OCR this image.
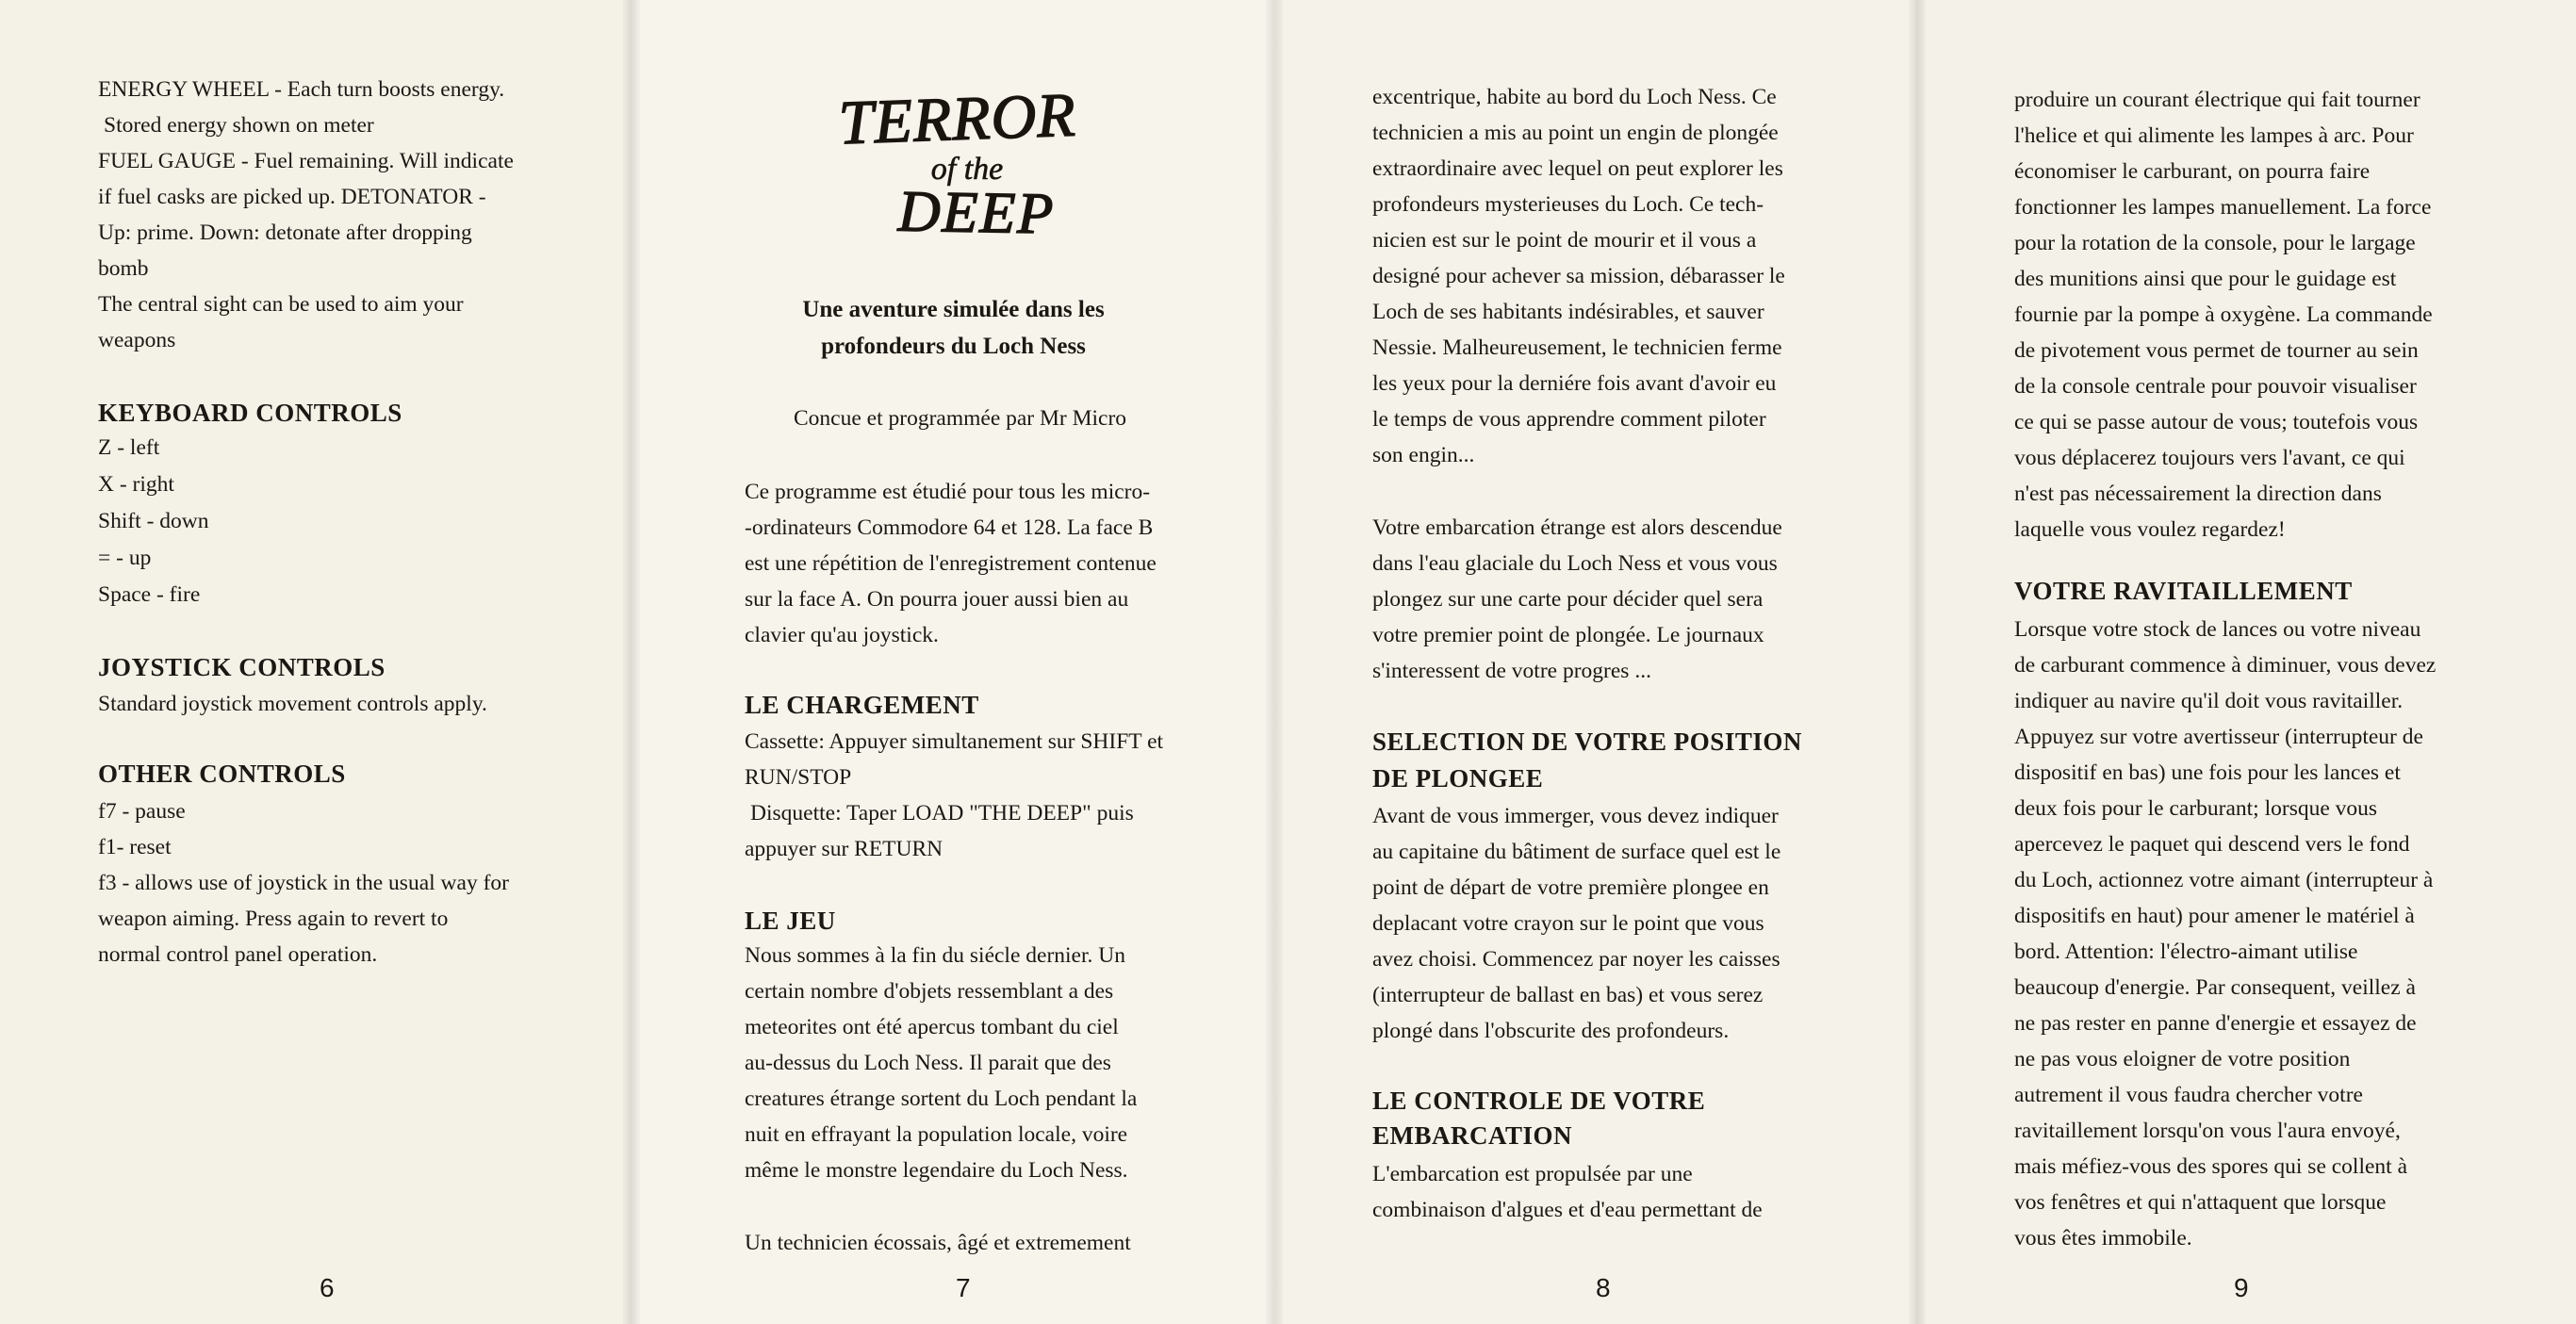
ENERGY WHEEL - Each turn boosts energy.
Stored energy shown on meter
FUEL GAUGE - Fuel remaining. Will indicate
if fuel casks are picked up. DETONATOR -
Up: prime. Down: detonate after dropping
bomb
The central sight can be used to aim your
weapons
KEYBOARD CONTROLS
Z - left
X - right
Shift - down
= - up
Space - fire
JOYSTICK CONTROLS
Standard joystick movement controls apply.
OTHER CONTROLS
f7 - pause
f1- reset
f3 - allows use of joystick in the usual way for
weapon aiming. Press again to revert to
normal control panel operation.
6
TERROR
of the
DEEP
Une aventure simulée dans les
profondeurs du Loch Ness
Concue et programmée par Mr Micro
Ce programme est étudié pour tous les micro-
-ordinateurs Commodore 64 et 128. La face B
est une répétition de l'enregistrement contenue
sur la face A. On pourra jouer aussi bien au
clavier qu'au joystick.
LE CHARGEMENT
Cassette: Appuyer simultanement sur SHIFT et
RUN/STOP
Disquette: Taper LOAD "THE DEEP" puis
appuyer sur RETURN
LE JEU
Nous sommes à la fin du siécle dernier. Un
certain nombre d'objets ressemblant a des
meteorites ont été apercus tombant du ciel
au-dessus du Loch Ness. Il parait que des
creatures étrange sortent du Loch pendant la
nuit en effrayant la population locale, voire
même le monstre legendaire du Loch Ness.
Un technicien écossais, âgé et extremement
7
excentrique, habite au bord du Loch Ness. Ce
technicien a mis au point un engin de plongée
extraordinaire avec lequel on peut explorer les
profondeurs mysterieuses du Loch. Ce tech-
nicien est sur le point de mourir et il vous a
designé pour achever sa mission, débarasser le
Loch de ses habitants indésirables, et sauver
Nessie. Malheureusement, le technicien ferme
les yeux pour la derniére fois avant d'avoir eu
le temps de vous apprendre comment piloter
son engin...
Votre embarcation étrange est alors descendue
dans l'eau glaciale du Loch Ness et vous vous
plongez sur une carte pour décider quel sera
votre premier point de plongée. Le journaux
s'interessent de votre progres ...
SELECTION DE VOTRE POSITION
DE PLONGEE
Avant de vous immerger, vous devez indiquer
au capitaine du bâtiment de surface quel est le
point de départ de votre première plongee en
deplacant votre crayon sur le point que vous
avez choisi. Commencez par noyer les caisses
(interrupteur de ballast en bas) et vous serez
plongé dans l'obscurite des profondeurs.
LE CONTROLE DE VOTRE
EMBARCATION
L'embarcation est propulsée par une
combinaison d'algues et d'eau permettant de
8
produire un courant électrique qui fait tourner
l'helice et qui alimente les lampes à arc. Pour
économiser le carburant, on pourra faire
fonctionner les lampes manuellement. La force
pour la rotation de la console, pour le largage
des munitions ainsi que pour le guidage est
fournie par la pompe à oxygène. La commande
de pivotement vous permet de tourner au sein
de la console centrale pour pouvoir visualiser
ce qui se passe autour de vous; toutefois vous
vous déplacerez toujours vers l'avant, ce qui
n'est pas nécessairement la direction dans
laquelle vous voulez regardez!
VOTRE RAVITAILLEMENT
Lorsque votre stock de lances ou votre niveau
de carburant commence à diminuer, vous devez
indiquer au navire qu'il doit vous ravitailler.
Appuyez sur votre avertisseur (interrupteur de
dispositif en bas) une fois pour les lances et
deux fois pour le carburant; lorsque vous
apercevez le paquet qui descend vers le fond
du Loch, actionnez votre aimant (interrupteur à
dispositifs en haut) pour amener le matériel à
bord. Attention: l'électro-aimant utilise
beaucoup d'energie. Par consequent, veillez à
ne pas rester en panne d'energie et essayez de
ne pas vous eloigner de votre position
autrement il vous faudra chercher votre
ravitaillement lorsqu'on vous l'aura envoyé,
mais méfiez-vous des spores qui se collent à
vos fenêtres et qui n'attaquent que lorsque
vous êtes immobile.
9
